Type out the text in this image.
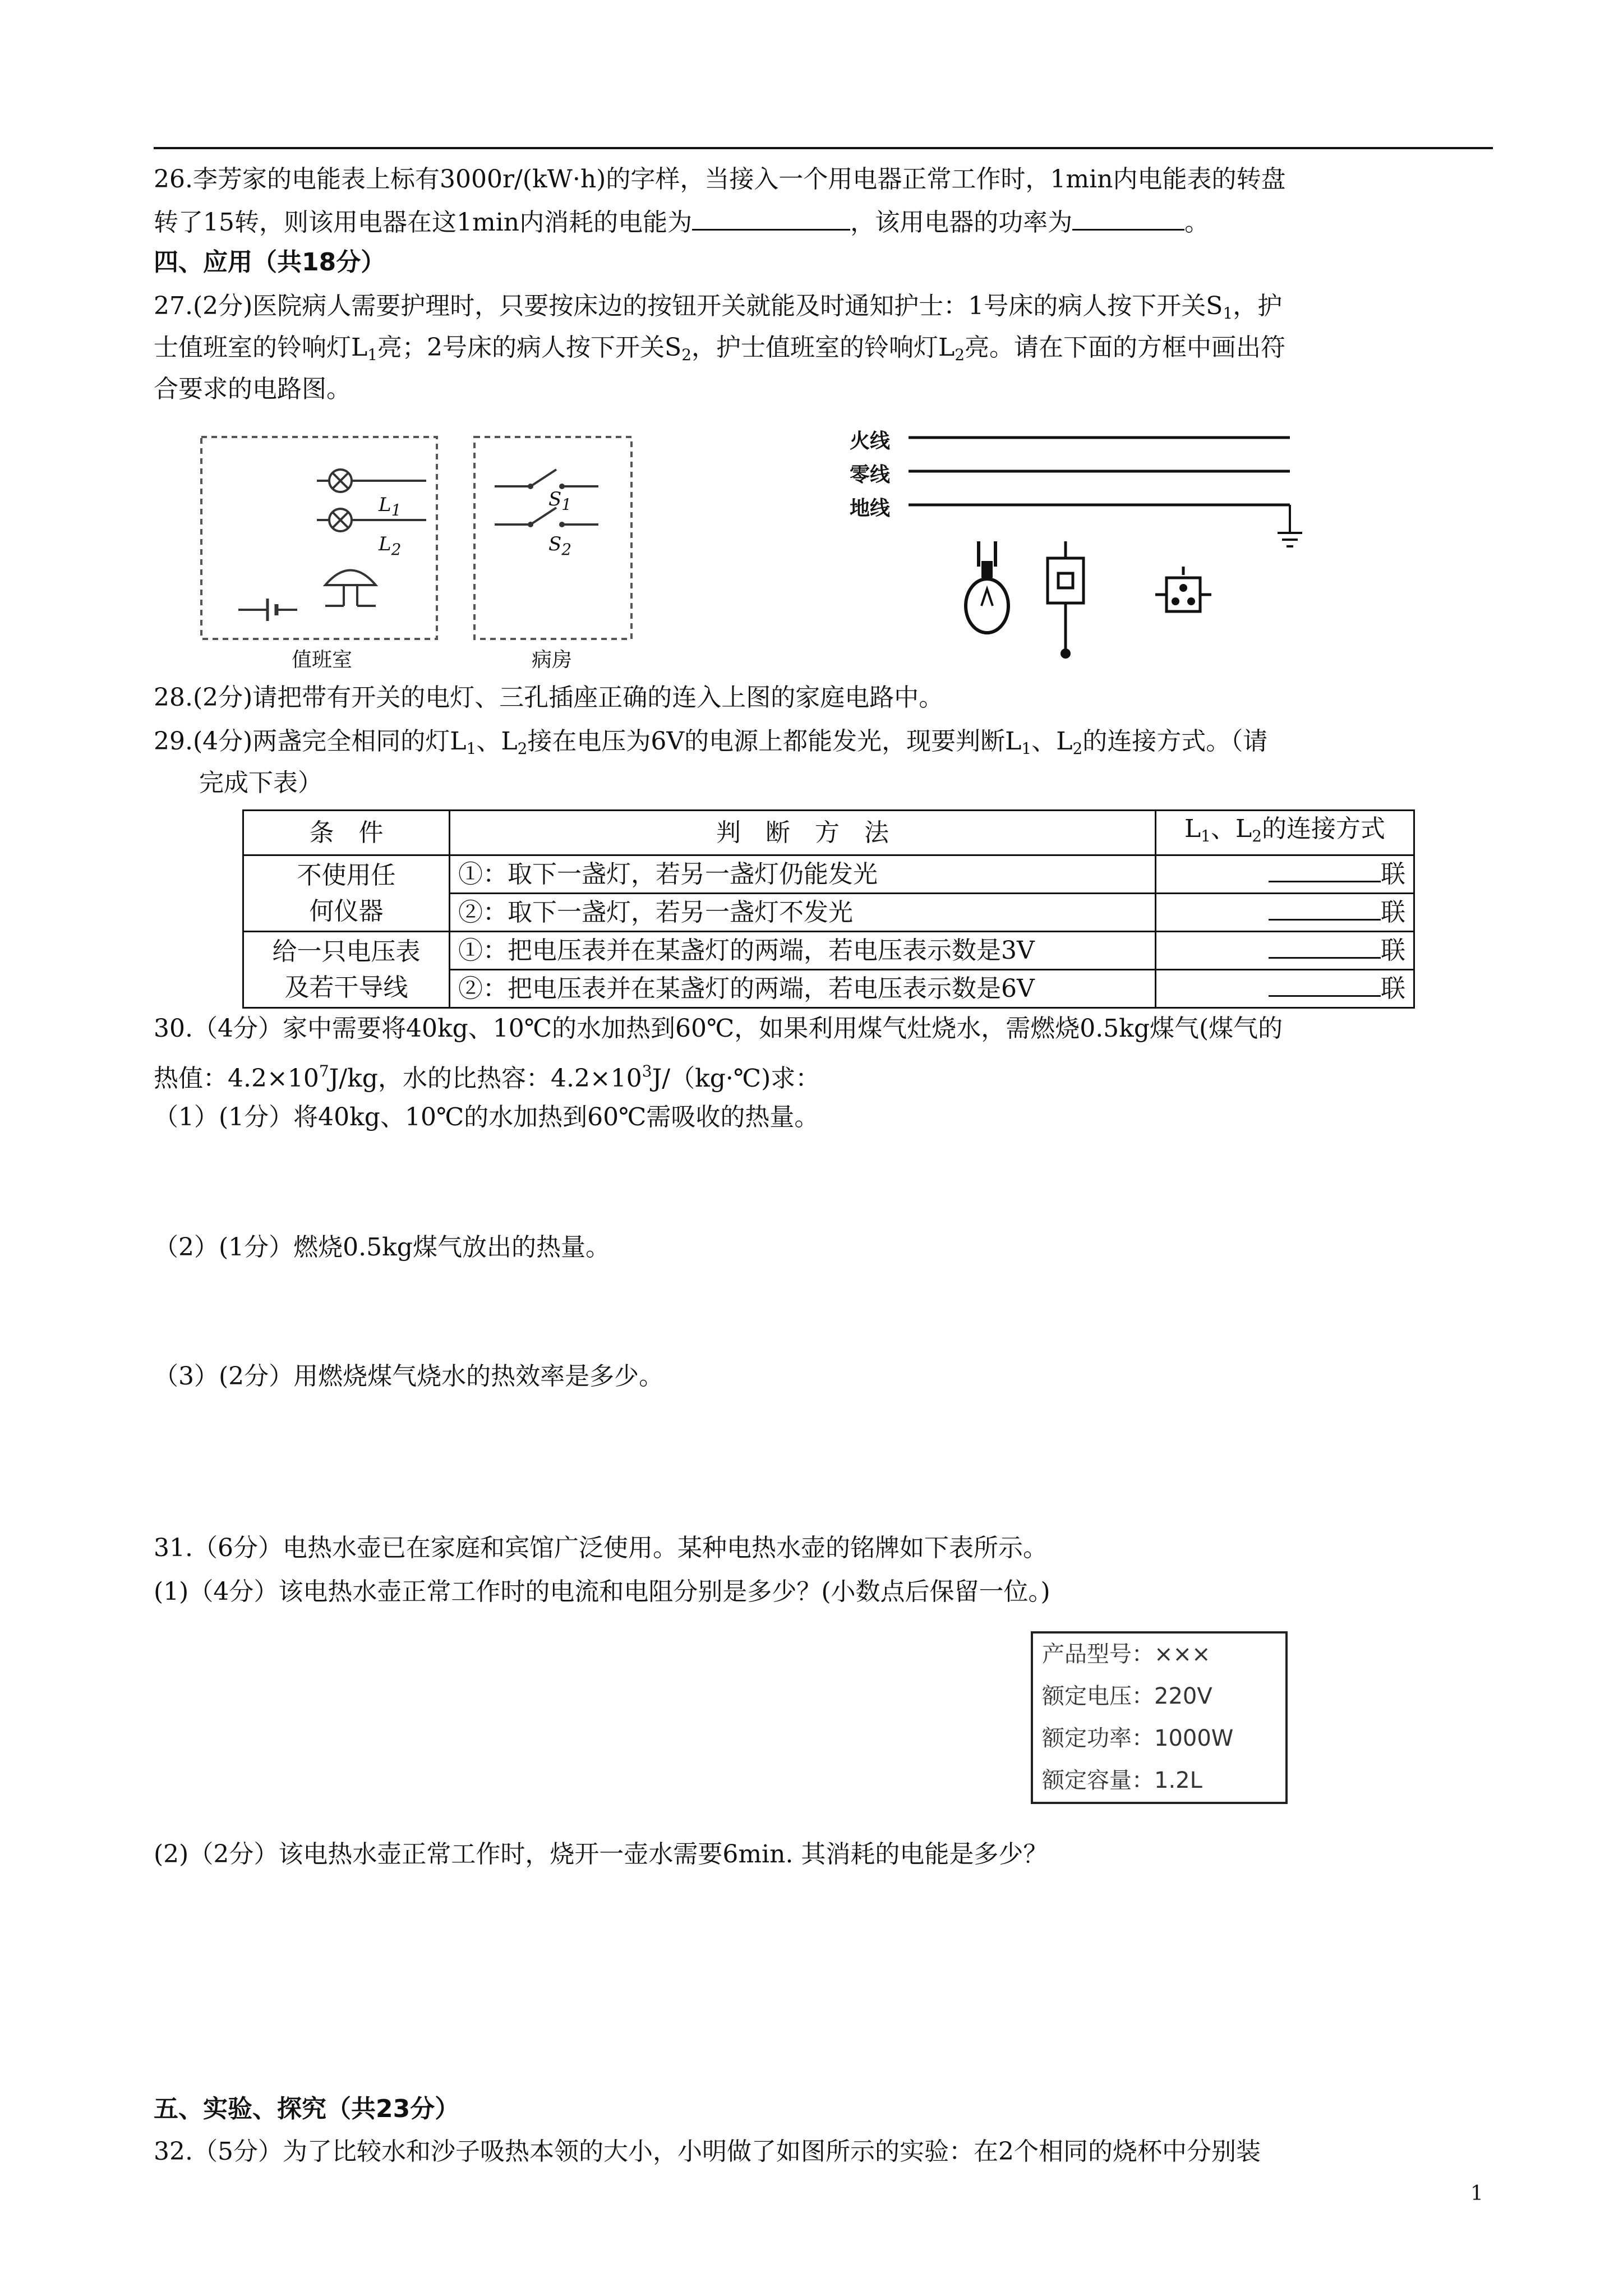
26.李芳家的电能表上标有3000r/(kW·h)的字样，当接入一个用电器正常工作时，1min内电能表的转盘
转了15转，则该用电器在这1min内消耗的电能为	，该用电器的功率为	。
四、应用（共18分）
27.(2分)医院病人需要护理时，只要按床边的按钮开关就能及时通知护士：1号床的病人按下开关$S_1$，护
士值班室的铃响灯$L_1$亮；2号床的病人按下开关$S_2$，护士值班室的铃响灯$L_2$亮。请在下面的方框中画出符
合要求的电路图。
$L_1$
$L_2$
值班室
$S_1$
$S_2$
病房
火线
零线
地线
28.(2分)请把带有开关的电灯、三孔插座正确的连入上图的家庭电路中。
29.(4分)两盏完全相同的灯$L_1$、$L_2$接在电压为6V的电源上都能发光，现要判断$L_1$、$L_2$的连接方式。（请
完成下表）
条　件	判　断　方　法	$L_1$、$L_2$的连接方式
不使用任
何仪器	①：取下一盏灯，若另一盏灯仍能发光	联
	②：取下一盏灯，若另一盏灯不发光	联
给一只电压表
及若干导线	①：把电压表并在某盏灯的两端，若电压表示数是3V	联
	②：把电压表并在某盏灯的两端，若电压表示数是6V	联
30.（4分）家中需要将40kg、10℃的水加热到60℃，如果利用煤气灶烧水，需燃烧0.5kg煤气(煤气的
热值：$4.2\times 10^7J/kg$，水的比热容：$4.2\times 10^3J/(kg\cdot℃)$求：
（1）(1分）将40kg、10℃的水加热到60℃需吸收的热量。
（2）(1分）燃烧0.5kg煤气放出的热量。
（3）(2分）用燃烧煤气烧水的热效率是多少。
31.（6分）电热水壶已在家庭和宾馆广泛使用。某种电热水壶的铭牌如下表所示。
(1)（4分）该电热水壶正常工作时的电流和电阻分别是多少？(小数点后保留一位。)
产品型号：×××
额定电压：220V
额定功率：1000W
额定容量：1.2L
(2)（2分）该电热水壶正常工作时，烧开一壶水需要6min. 其消耗的电能是多少？
五、实验、探究（共23分）
32.（5分）为了比较水和沙子吸热本领的大小，小明做了如图所示的实验：在2个相同的烧杯中分别装
1
